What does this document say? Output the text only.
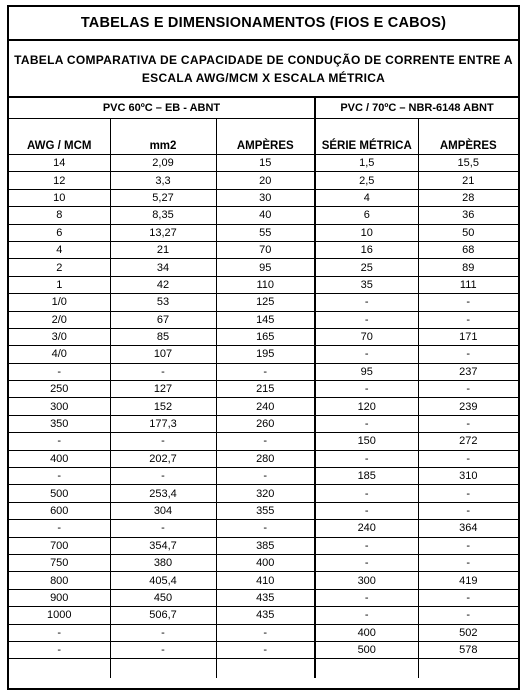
TABELAS E DIMENSIONAMENTOS (FIOS E CABOS)
TABELA COMPARATIVA DE CAPACIDADE DE CONDUÇÃO DE CORRENTE ENTRE A
ESCALA AWG/MCM X ESCALA MÉTRICA
PVC 60ºC – EB - ABNT			PVC / 70ºC – NBR-6148 ABNT	
AWG / MCM	mm2	AMPÈRES	SÉRIE MÉTRICA	AMPÈRES
14	2,09	15	1,5	15,5
12	3,3	20	2,5	21
10	5,27	30	4	28
8	8,35	40	6	36
6	13,27	55	10	50
4	21	70	16	68
2	34	95	25	89
1	42	110	35	111
1/0	53	125	-	-
2/0	67	145	-	-
3/0	85	165	70	171
4/0	107	195	-	-
-	-	-	95	237
250	127	215	-	-
300	152	240	120	239
350	177,3	260	-	-
-	-	-	150	272
400	202,7	280	-	-
-	-	-	185	310
500	253,4	320	-	-
600	304	355	-	-
-	-	-	240	364
700	354,7	385	-	-
750	380	400	-	-
800	405,4	410	300	419
900	450	435	-	-
1000	506,7	435	-	-
-	-	-	400	502
-	-	-	500	578
